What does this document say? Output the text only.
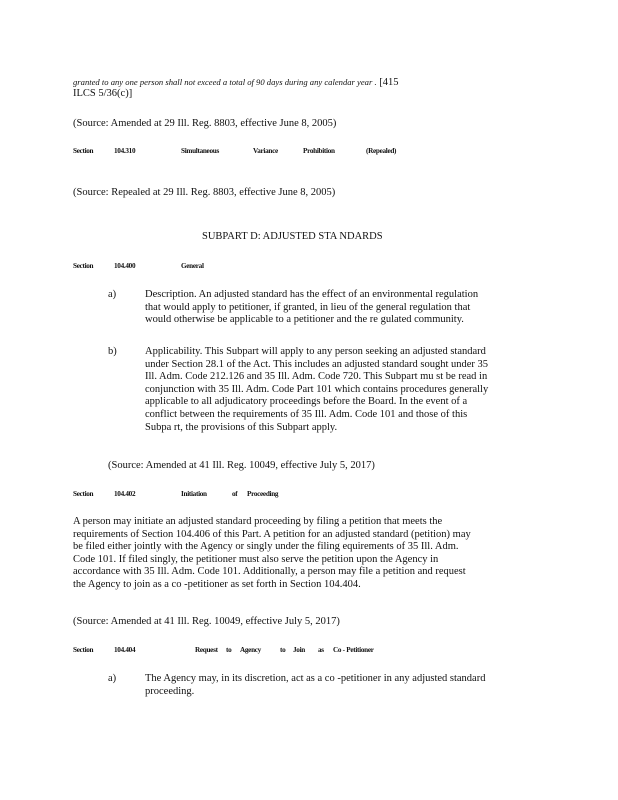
granted to any one person shall not exceed a total of 90 days during any calendar year . [415
ILCS 5/36(c)]
(Source: Amended at 29 Ill. Reg. 8803, effective June 8, 2005)
Section	104.310	Simultaneous	Variance	Prohibition	(Repealed)
(Source: Repealed at 29 Ill. Reg. 8803, effective June 8, 2005)
SUBPART D: ADJUSTED STA NDARDS
Section	104.400	General
a)	Description. An adjusted standard has the effect of an environmental regulation
that would apply to petitioner, if granted, in lieu of the general regulation that
would otherwise be applicable to a petitioner and the re gulated community.
b)	Applicability. This Subpart will apply to any person seeking an adjusted standard
under Section 28.1 of the Act. This includes an adjusted standard sought under 35
Ill. Adm. Code 212.126 and 35 Ill. Adm. Code 720. This Subpart mu st be read in
conjunction with 35 Ill. Adm. Code Part 101 which contains procedures generally
applicable to all adjudicatory proceedings before the Board. In the event of a
conflict between the requirements of 35 Ill. Adm. Code 101 and those of this
Subpa rt, the provisions of this Subpart apply.
(Source: Amended at 41 Ill. Reg. 10049, effective July 5, 2017)
Section	104.402	Initiation	of Proceeding
A person may initiate an adjusted standard proceeding by filing a petition that meets the
requirements of Section 104.406 of this Part. A petition for an adjusted standard (petition) may
be filed either jointly with the Agency or singly under the filing equirements of 35 Ill. Adm.
Code 101. If filed singly, the petitioner must also serve the petition upon the Agency in
accordance with 35 Ill. Adm. Code 101. Additionally, a person may file a petition and request
the Agency to join as a co -petitioner as set forth in Section 104.404.
(Source: Amended at 41 Ill. Reg. 10049, effective July 5, 2017)
Section	104.404	Request to Agency	to Join as Co - Petitioner
a)	The Agency may, in its discretion, act as a co -petitioner in any adjusted standard
proceeding.
